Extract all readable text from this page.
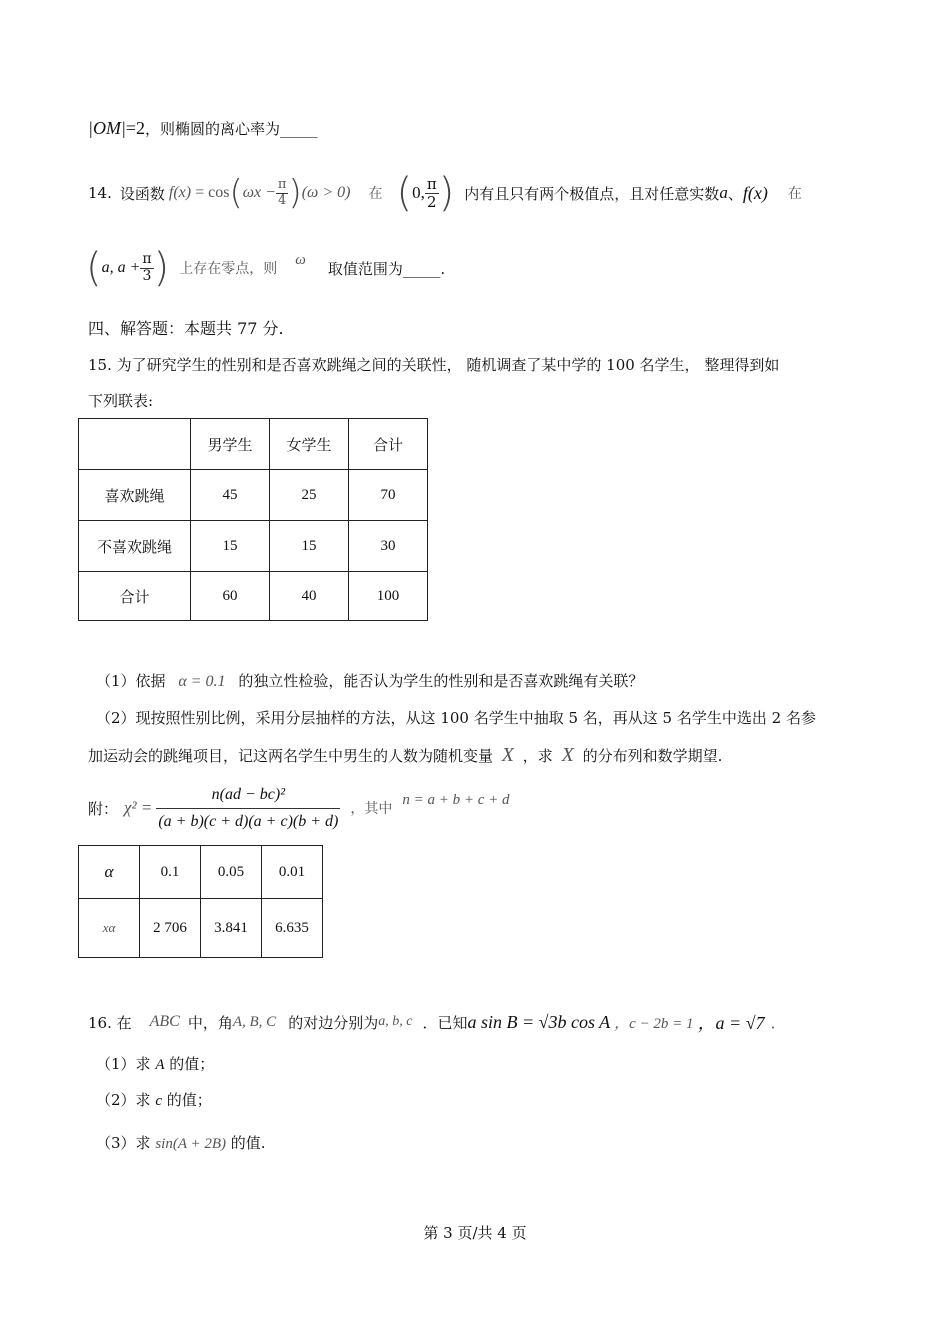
|OM|=2，则椭圆的离心率为_____
14. 设函数 f(x) = cos ( $\omega x - \frac{\pi}{4}$ ) (ω > 0) 在 ( 0, $\frac{\pi}{2}$ ) 内有且只有两个极值点，且对任意实数 a 、 f(x) 在
( a, $a + \frac{\pi}{3}$ ) 上存在零点，则
ω 取值范围为_____.
四、解答题：本题共 77 分.
15. 为了研究学生的性别和是否喜欢跳绳之间的关联性， 随机调查了某中学的 100 名学生， 整理得到如
下列联表:
	男学生	女学生	合计
喜欢跳绳	45	25	70
不喜欢跳绳	15	15	30
合计	60	40	100
（1）依据 α = 0.1 的独立性检验，能否认为学生的性别和是否喜欢跳绳有关联？
（2）现按照性别比例，采用分层抽样的方法，从这 100 名学生中抽取 5 名，再从这 5 名学生中选出 2 名参
加运动会的跳绳项目，记这两名学生中男生的人数为随机变量 X ，求 X 的分布列和数学期望.
附： $\chi^2 = \frac{\text{n(ad − bc)²}}{(a + b)(c + d)(a + c)(b + d)}$ ，其中
n = a + b + c + d
α	0.1	0.05	0.01
xα	2 706	3.841	6.635
16. 在 ABC 中，角 A, B, C 的对边分别为 a, b, c ．已知 a sin B = √3b cos A ，c − 2b = 1 ，a = √7 ．
（1）求 A 的值；
（2）求 c 的值；
（3）求 sin(A + 2B) 的值.
第 3 页/共 4 页
